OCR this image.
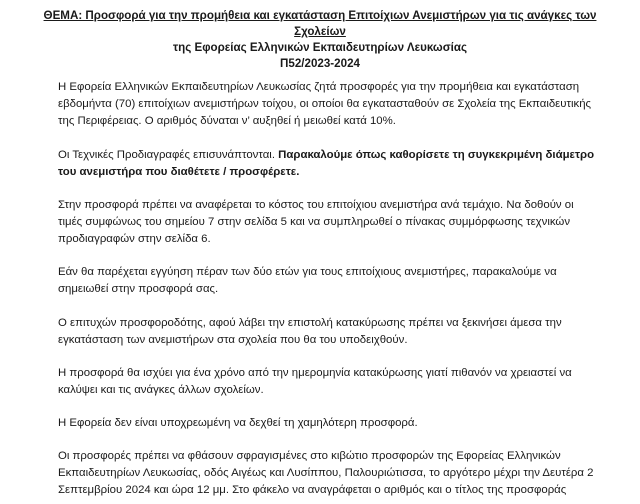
ΘΕΜΑ: Προσφορά για την προμήθεια και εγκατάσταση Επιτοίχιων Ανεμιστήρων για τις ανάγκες των Σχολείων
της Εφορείας Ελληνικών Εκπαιδευτηρίων Λευκωσίας
Π52/2023-2024
Η Εφορεία Ελληνικών Εκπαιδευτηρίων Λευκωσίας ζητά προσφορές για την προμήθεια και εγκατάσταση εβδομήντα (70) επιτοίχιων ανεμιστήρων τοίχου, οι οποίοι θα εγκατασταθούν σε Σχολεία της Εκπαιδευτικής της Περιφέρειας. Ο αριθμός δύναται ν’ αυξηθεί ή μειωθεί κατά 10%.
Οι Τεχνικές Προδιαγραφές επισυνάπτονται. Παρακαλούμε όπως καθορίσετε τη συγκεκριμένη διάμετρο του ανεμιστήρα που διαθέτετε / προσφέρετε.
Στην προσφορά πρέπει να αναφέρεται το κόστος του επιτοίχιου ανεμιστήρα ανά τεμάχιο. Να δοθούν οι τιμές συμφώνως του σημείου 7 στην σελίδα 5 και να συμπληρωθεί ο πίνακας συμμόρφωσης τεχνικών προδιαγραφών στην σελίδα 6.
Εάν θα παρέχεται εγγύηση πέραν των δύο ετών για τους επιτοίχιους ανεμιστήρες, παρακαλούμε να σημειωθεί στην προσφορά σας.
Ο επιτυχών προσφοροδότης, αφού λάβει την επιστολή κατακύρωσης πρέπει να ξεκινήσει άμεσα την εγκατάσταση των ανεμιστήρων στα σχολεία που θα του υποδειχθούν.
Η προσφορά θα ισχύει για ένα χρόνο από την ημερομηνία κατακύρωσης γιατί πιθανόν να χρειαστεί να καλύψει και τις ανάγκες άλλων σχολείων.
Η Εφορεία δεν είναι υποχρεωμένη να δεχθεί τη χαμηλότερη προσφορά.
Οι προσφορές πρέπει να φθάσουν σφραγισμένες στο κιβώτιο προσφορών της Εφορείας Ελληνικών Εκπαιδευτηρίων Λευκωσίας, οδός Αιγέως και Λυσίππου, Παλουριώτισσα, το αργότερο μέχρι την Δευτέρα 2 Σεπτεμβρίου 2024 και ώρα 12 μμ. Στο φάκελο να αναγράφεται ο αριθμός και ο τίτλος της προσφοράς
